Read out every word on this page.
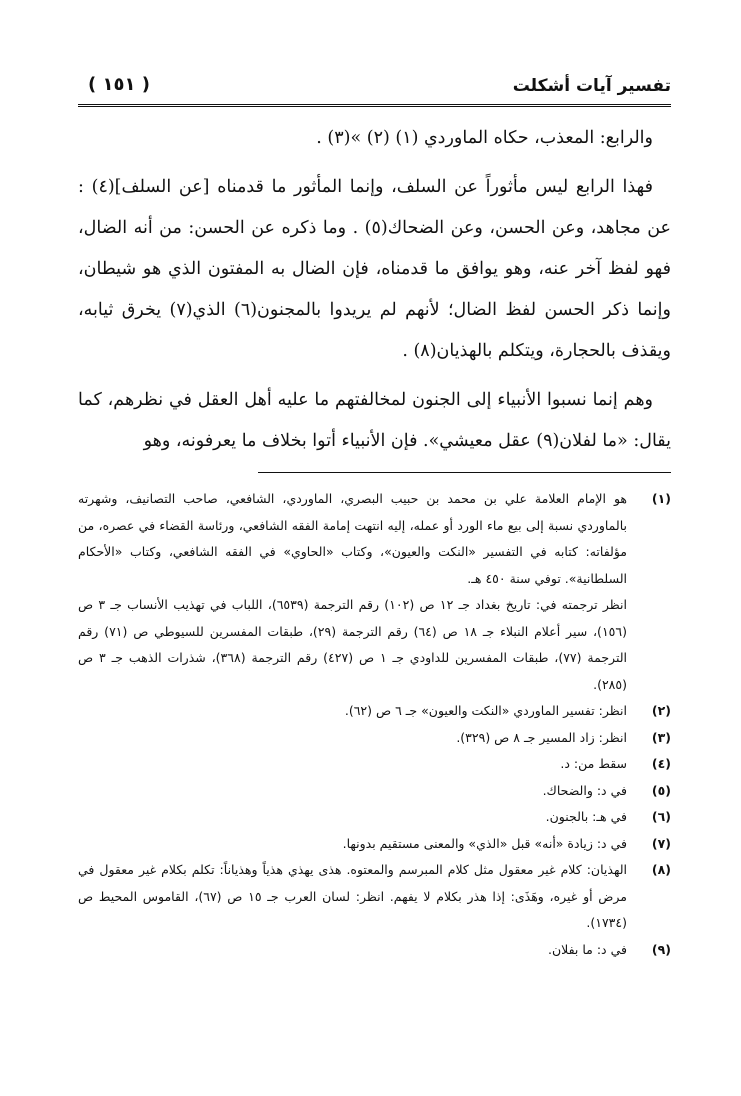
تفسير آيات أشكلت
( ١٥١ )

والرابع: المعذب، حكاه الماوردي (١) (٢) »(٣) .

فهذا الرابع ليس مأثوراً عن السلف، وإنما المأثور ما قدمناه [عن السلف](٤) : عن مجاهد، وعن الحسن، وعن الضحاك(٥) . وما ذكره عن الحسن: من أنه الضال، فهو لفظ آخر عنه، وهو يوافق ما قدمناه، فإن الضال به المفتون الذي هو شيطان، وإنما ذكر الحسن لفظ الضال؛ لأنهم لم يريدوا بالمجنون(٦) الذي(٧) يخرق ثيابه، ويقذف بالحجارة، ويتكلم بالهذيان(٨) .

وهم إنما نسبوا الأنبياء إلى الجنون لمخالفتهم ما عليه أهل العقل في نظرهم، كما يقال: «ما لفلان(٩) عقل معيشي». فإن الأنبياء أتوا بخلاف ما يعرفونه، وهو

(١)
هو الإمام العلامة علي بن محمد بن حبيب البصري، الماوردي، الشافعي، صاحب التصانيف، وشهرته بالماوردي نسبة إلى بيع ماء الورد أو عمله، إليه انتهت إمامة الفقه الشافعي، ورئاسة القضاء في عصره، من مؤلفاته: كتابه في التفسير «النكت والعيون»، وكتاب «الحاوي» في الفقه الشافعي، وكتاب «الأحكام السلطانية». توفي سنة ٤٥٠ هـ.
انظر ترجمته في: تاريخ بغداد جـ ١٢ ص (١٠٢) رقم الترجمة (٦٥٣٩)، اللباب في تهذيب الأنساب جـ ٣ ص (١٥٦)، سير أعلام النبلاء جـ ١٨ ص (٦٤) رقم الترجمة (٢٩)، طبقات المفسرين للسيوطي ص (٧١) رقم الترجمة (٧٧)، طبقات المفسرين للداودي جـ ١ ص (٤٢٧) رقم الترجمة (٣٦٨)، شذرات الذهب جـ ٣ ص (٢٨٥).
(٢)
انظر: تفسير الماوردي «النكت والعيون» جـ ٦ ص (٦٢).
(٣)
انظر: زاد المسير جـ ٨ ص (٣٢٩).
(٤)
سقط من: د.
(٥)
في د: والضحاك.
(٦)
في هـ: بالجنون.
(٧)
في د: زيادة «أنه» قبل «الذي» والمعنى مستقيم بدونها.
(٨)
الهذيان: كلام غير معقول مثل كلام المبرسم والمعتوه. هذى يهذي هذياً وهذياناً: تكلم بكلام غير معقول في مرض أو غيره، وهَذَى: إذا هذر بكلام لا يفهم. انظر: لسان العرب جـ ١٥ ص (٦٧)، القاموس المحيط ص (١٧٣٤).
(٩)
في د: ما بفلان.
